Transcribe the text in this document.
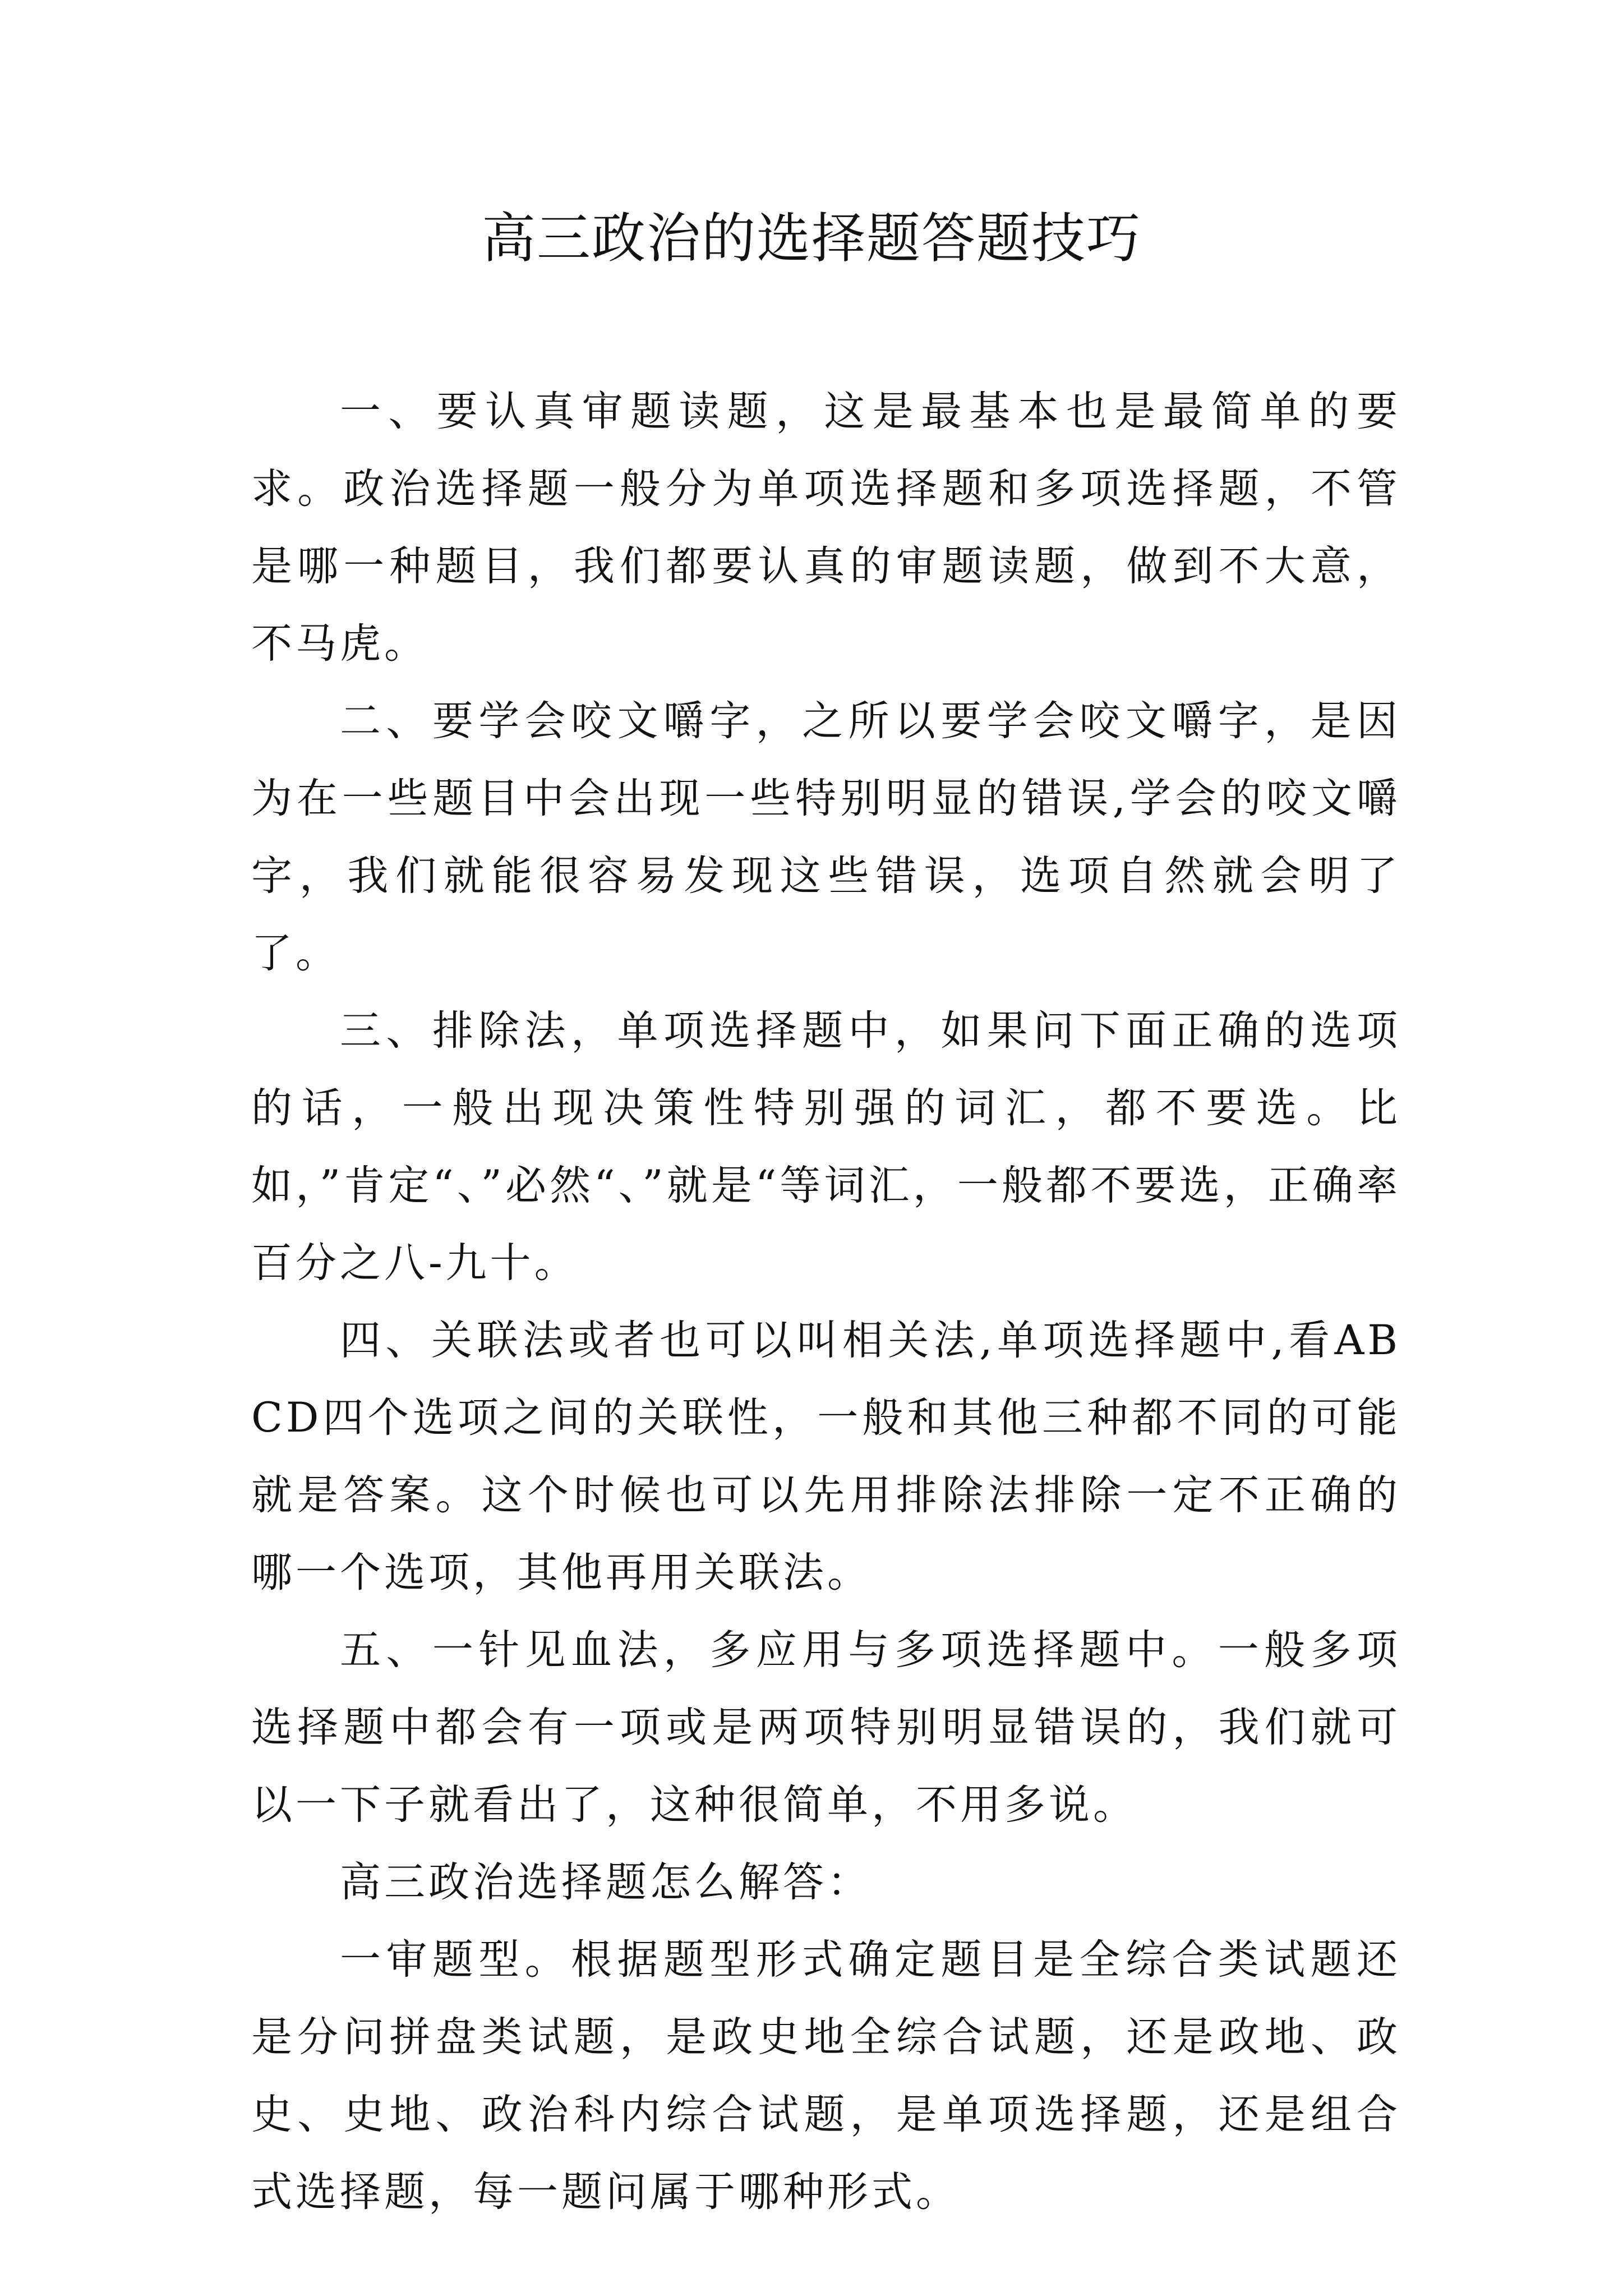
高三政治的选择题答题技巧

一、要认真审题读题，这是最基本也是最简单的要求。政治选择题一般分为单项选择题和多项选择题，不管是哪一种题目，我们都要认真的审题读题，做到不大意，不马虎。

二、要学会咬文嚼字，之所以要学会咬文嚼字，是因为在一些题目中会出现一些特别明显的错误,学会的咬文嚼字，我们就能很容易发现这些错误，选项自然就会明了了。

三、排除法，单项选择题中，如果问下面正确的选项的话，一般出现决策性特别强的词汇，都不要选。比如，”肯定“、”必然“、”就是“等词汇，一般都不要选，正确率百分之八-九十。

四、关联法或者也可以叫相关法,单项选择题中,看ABCD四个选项之间的关联性，一般和其他三种都不同的可能就是答案。这个时候也可以先用排除法排除一定不正确的哪一个选项，其他再用关联法。

五、一针见血法，多应用与多项选择题中。一般多项选择题中都会有一项或是两项特别明显错误的，我们就可以一下子就看出了，这种很简单，不用多说。

高三政治选择题怎么解答：

一审题型。根据题型形式确定题目是全综合类试题还是分问拼盘类试题，是政史地全综合试题，还是政地、政史、史地、政治科内综合试题，是单项选择题，还是组合式选择题，每一题问属于哪种形式。
